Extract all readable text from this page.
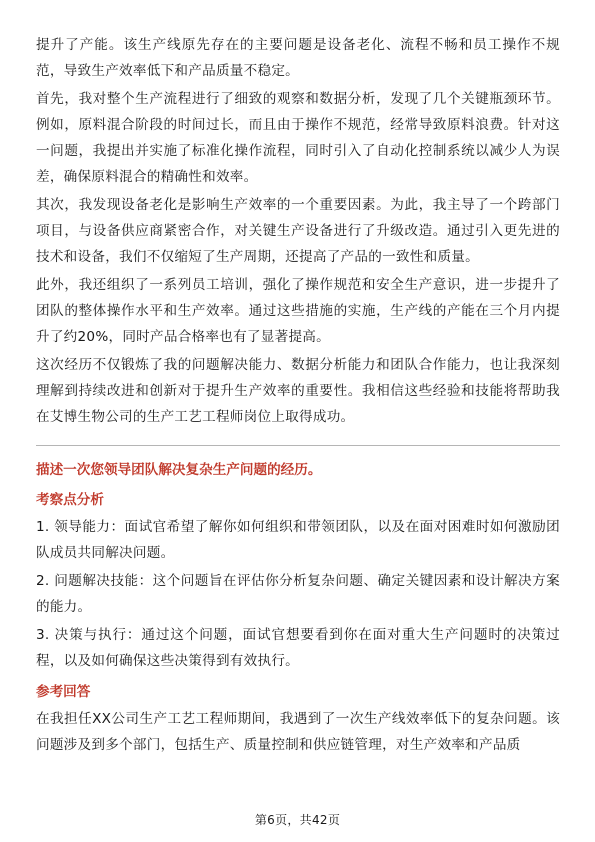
提升了产能。该生产线原先存在的主要问题是设备老化、流程不畅和员工操作不规范，导致生产效率低下和产品质量不稳定。

首先，我对整个生产流程进行了细致的观察和数据分析，发现了几个关键瓶颈环节。例如，原料混合阶段的时间过长，而且由于操作不规范，经常导致原料浪费。针对这一问题，我提出并实施了标准化操作流程，同时引入了自动化控制系统以减少人为误差，确保原料混合的精确性和效率。

其次，我发现设备老化是影响生产效率的一个重要因素。为此，我主导了一个跨部门项目，与设备供应商紧密合作，对关键生产设备进行了升级改造。通过引入更先进的技术和设备，我们不仅缩短了生产周期，还提高了产品的一致性和质量。

此外，我还组织了一系列员工培训，强化了操作规范和安全生产意识，进一步提升了团队的整体操作水平和生产效率。通过这些措施的实施，生产线的产能在三个月内提升了约20%，同时产品合格率也有了显著提高。

这次经历不仅锻炼了我的问题解决能力、数据分析能力和团队合作能力，也让我深刻理解到持续改进和创新对于提升生产效率的重要性。我相信这些经验和技能将帮助我在艾博生物公司的生产工艺工程师岗位上取得成功。

描述一次您领导团队解决复杂生产问题的经历。

考察点分析

1. 领导能力：面试官希望了解你如何组织和带领团队，以及在面对困难时如何激励团队成员共同解决问题。

2. 问题解决技能：这个问题旨在评估你分析复杂问题、确定关键因素和设计解决方案的能力。

3. 决策与执行：通过这个问题，面试官想要看到你在面对重大生产问题时的决策过程，以及如何确保这些决策得到有效执行。

参考回答

在我担任XX公司生产工艺工程师期间，我遇到了一次生产线效率低下的复杂问题。该问题涉及到多个部门，包括生产、质量控制和供应链管理，对生产效率和产品质

第6页，共42页
